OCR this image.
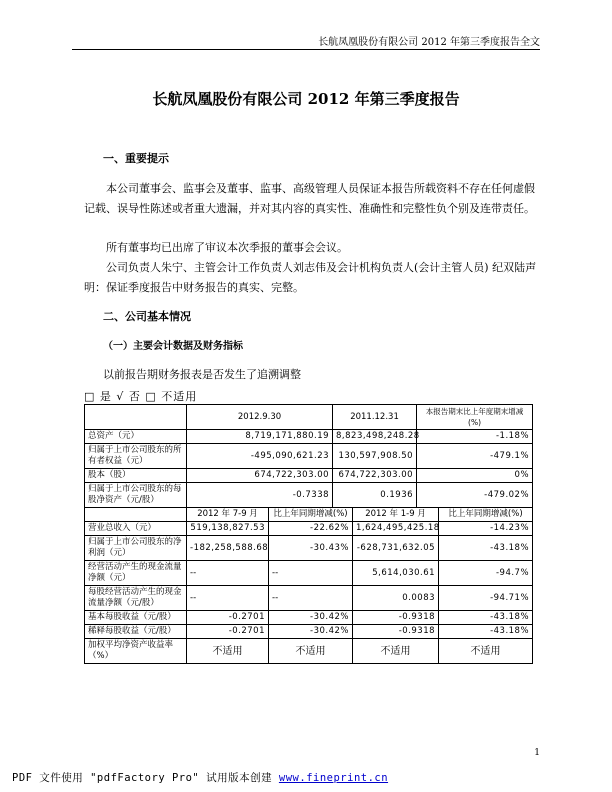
长航凤凰股份有限公司 2012 年第三季度报告全文
长航凤凰股份有限公司 2012 年第三季度报告
一、重要提示
本公司董事会、监事会及董事、监事、高级管理人员保证本报告所载资料不存在任何虚假记载、误导性陈述或者重大遗漏，并对其内容的真实性、准确性和完整性负个别及连带责任。
所有董事均已出席了审议本次季报的董事会会议。
公司负责人朱宁、主管会计工作负责人刘志伟及会计机构负责人(会计主管人员) 纪双陆声明：保证季度报告中财务报告的真实、完整。
二、公司基本情况
（一）主要会计数据及财务指标
以前报告期财务报表是否发生了追溯调整
□ 是 √ 否 □ 不适用
	2012.9.30		2011.12.31		本报告期末比上年度期末增减(%)	
总资产（元）	8,719,171,880.19		8,823,498,248.28		-1.18%	
归属于上市公司股东的所有者权益（元）	-495,090,621.23		130,597,908.50		-479.1%	
股本（股）	674,722,303.00		674,722,303.00		0%	
归属于上市公司股东的每股净资产（元/股）	-0.7338		0.1936		-479.02%	
	2012 年 7-9 月	比上年同期增减(%)		2012 年 1-9 月		比上年同期增减(%)
营业总收入（元）	519,138,827.53	-22.62%		1,624,495,425.18		-14.23%
归属于上市公司股东的净利润（元）	-182,258,588.68	-30.43%		-628,731,632.05		-43.18%
经营活动产生的现金流量净额（元）	--	--		5,614,030.61		-94.7%
每股经营活动产生的现金流量净额（元/股）	--	--		0.0083		-94.71%
基本每股收益（元/股）	-0.2701	-30.42%		-0.9318		-43.18%
稀释每股收益（元/股）	-0.2701	-30.42%		-0.9318		-43.18%
加权平均净资产收益率（%）	不适用	不适用		不适用		不适用
1
PDF 文件使用 "pdfFactory Pro" 试用版本创建 www.fineprint.cn
